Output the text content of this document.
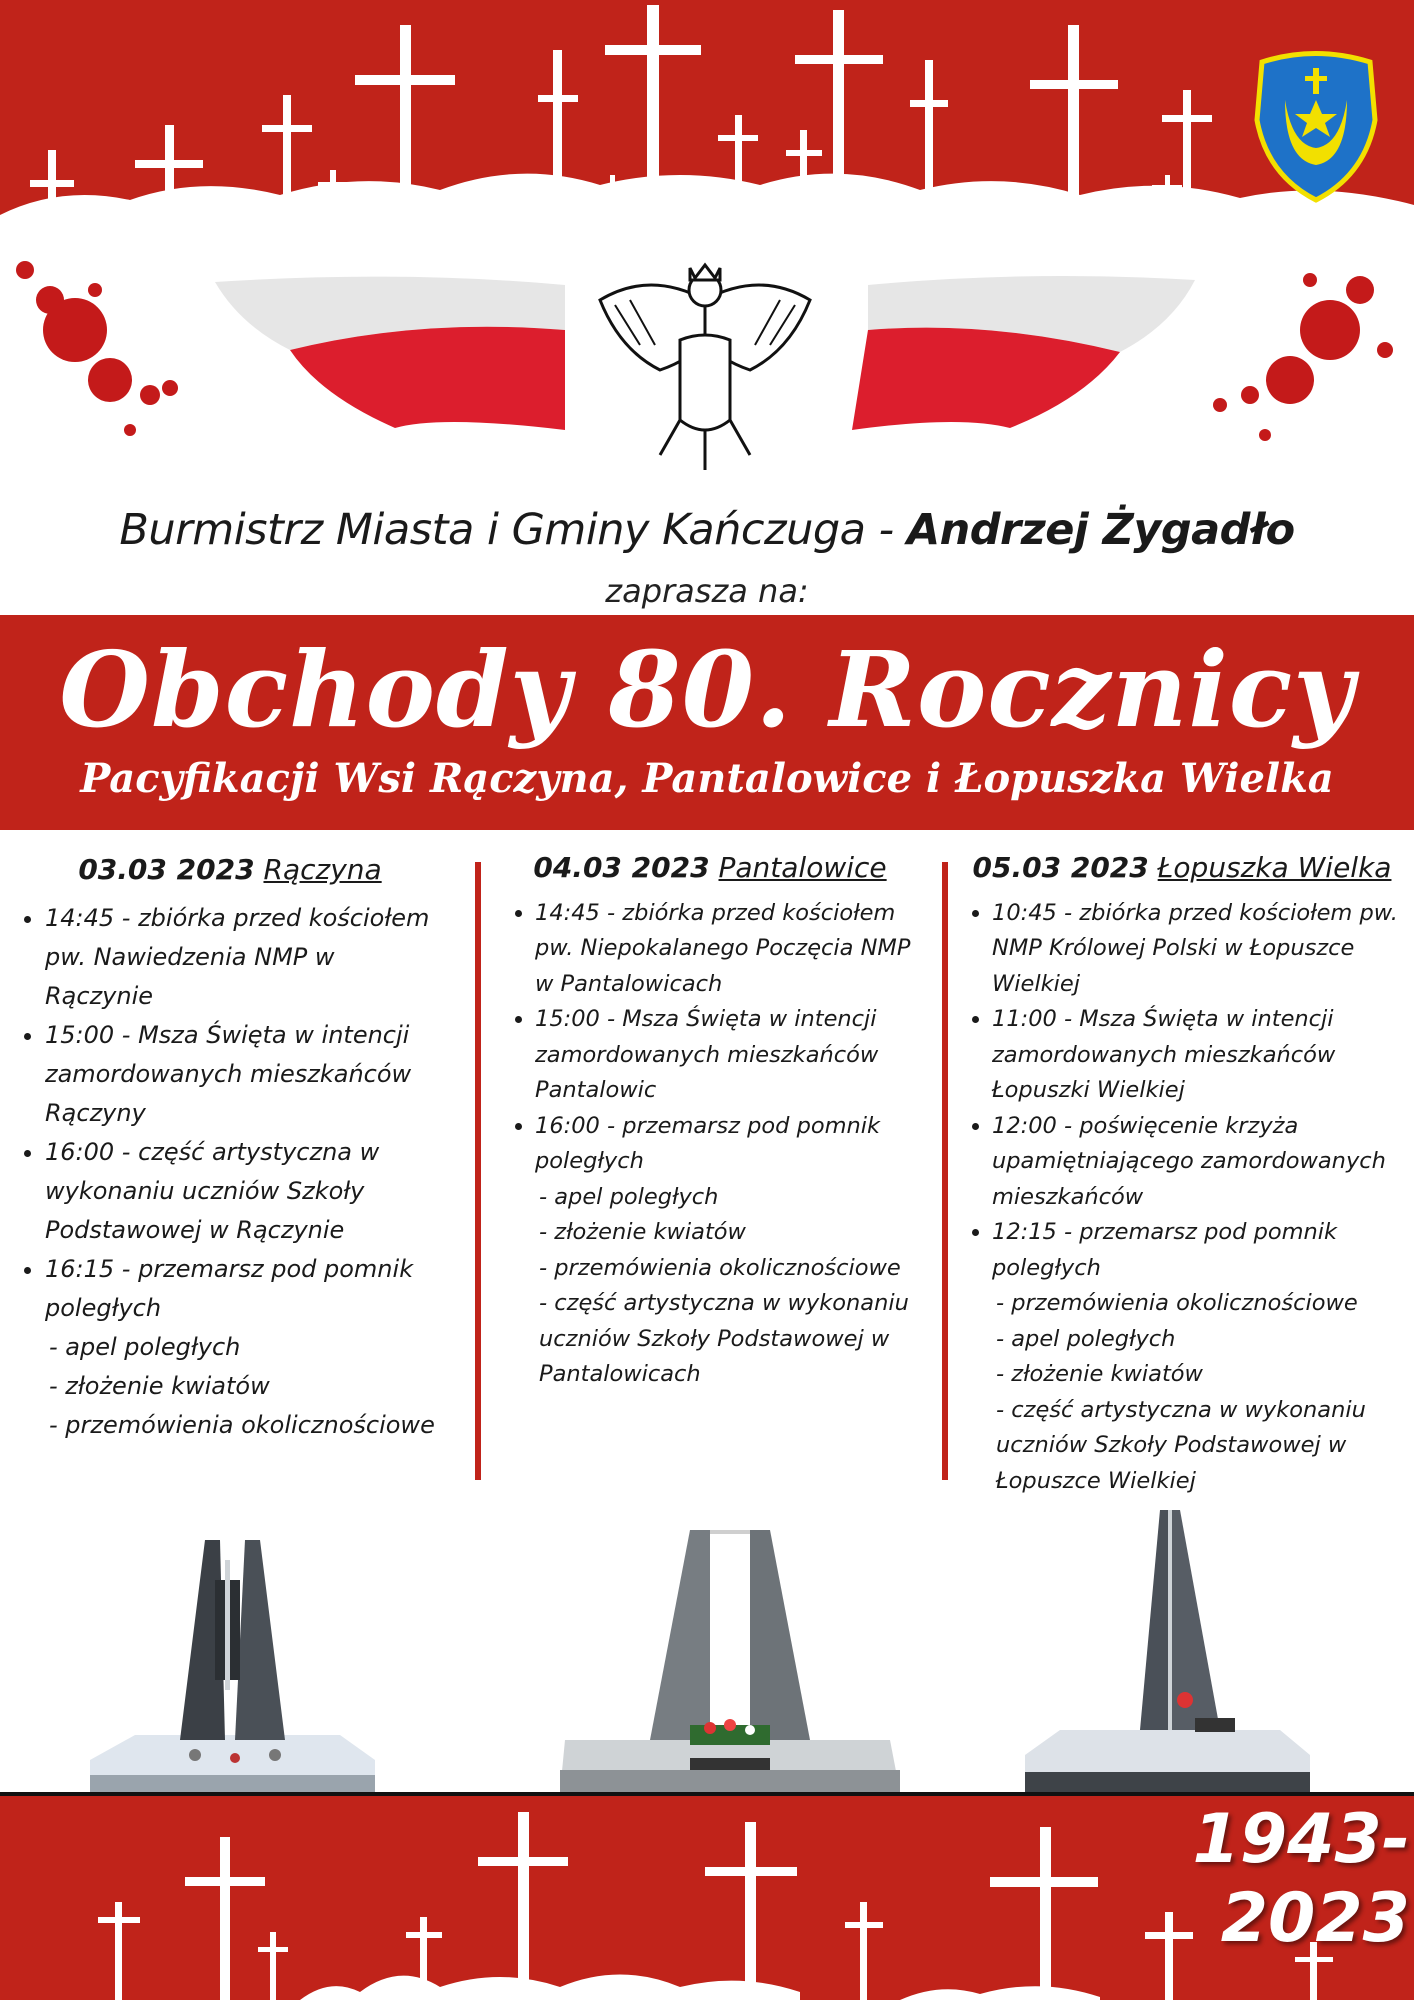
Burmistrz Miasta i Gminy Kańczuga - Andrzej Żygadło
zaprasza na:
Obchody 80. Rocznicy
Pacyfikacji Wsi Rączyna, Pantalowice i Łopuszka Wielka
03.03 2023 Rączyna
• 14:45 - zbiórka przed kościołem pw. Nawiedzenia NMP w Rączynie
• 15:00 - Msza Święta w intencji zamordowanych mieszkańców Rączyny
• 16:00 - część artystyczna w wykonaniu uczniów Szkoły Podstawowej w Rączynie
• 16:15 - przemarsz pod pomnik poległych
- apel poległych
- złożenie kwiatów
- przemówienia okolicznościowe
04.03 2023 Pantalowice
• 14:45 - zbiórka przed kościołem pw. Niepokalanego Poczęcia NMP w Pantalowicach
• 15:00 - Msza Święta w intencji zamordowanych mieszkańców Pantalowic
• 16:00 - przemarsz pod pomnik poległych
- apel poległych
- złożenie kwiatów
- przemówienia okolicznościowe
- część artystyczna w wykonaniu uczniów Szkoły Podstawowej w Pantalowicach
05.03 2023 Łopuszka Wielka
• 10:45 - zbiórka przed kościołem pw. NMP Królowej Polski w Łopuszce Wielkiej
• 11:00 - Msza Święta w intencji zamordowanych mieszkańców Łopuszki Wielkiej
• 12:00 - poświęcenie krzyża upamiętniającego zamordowanych mieszkańców
• 12:15 - przemarsz pod pomnik poległych
- przemówienia okolicznościowe
- apel poległych
- złożenie kwiatów
- część artystyczna w wykonaniu uczniów Szkoły Podstawowej w Łopuszce Wielkiej
1943-2023
